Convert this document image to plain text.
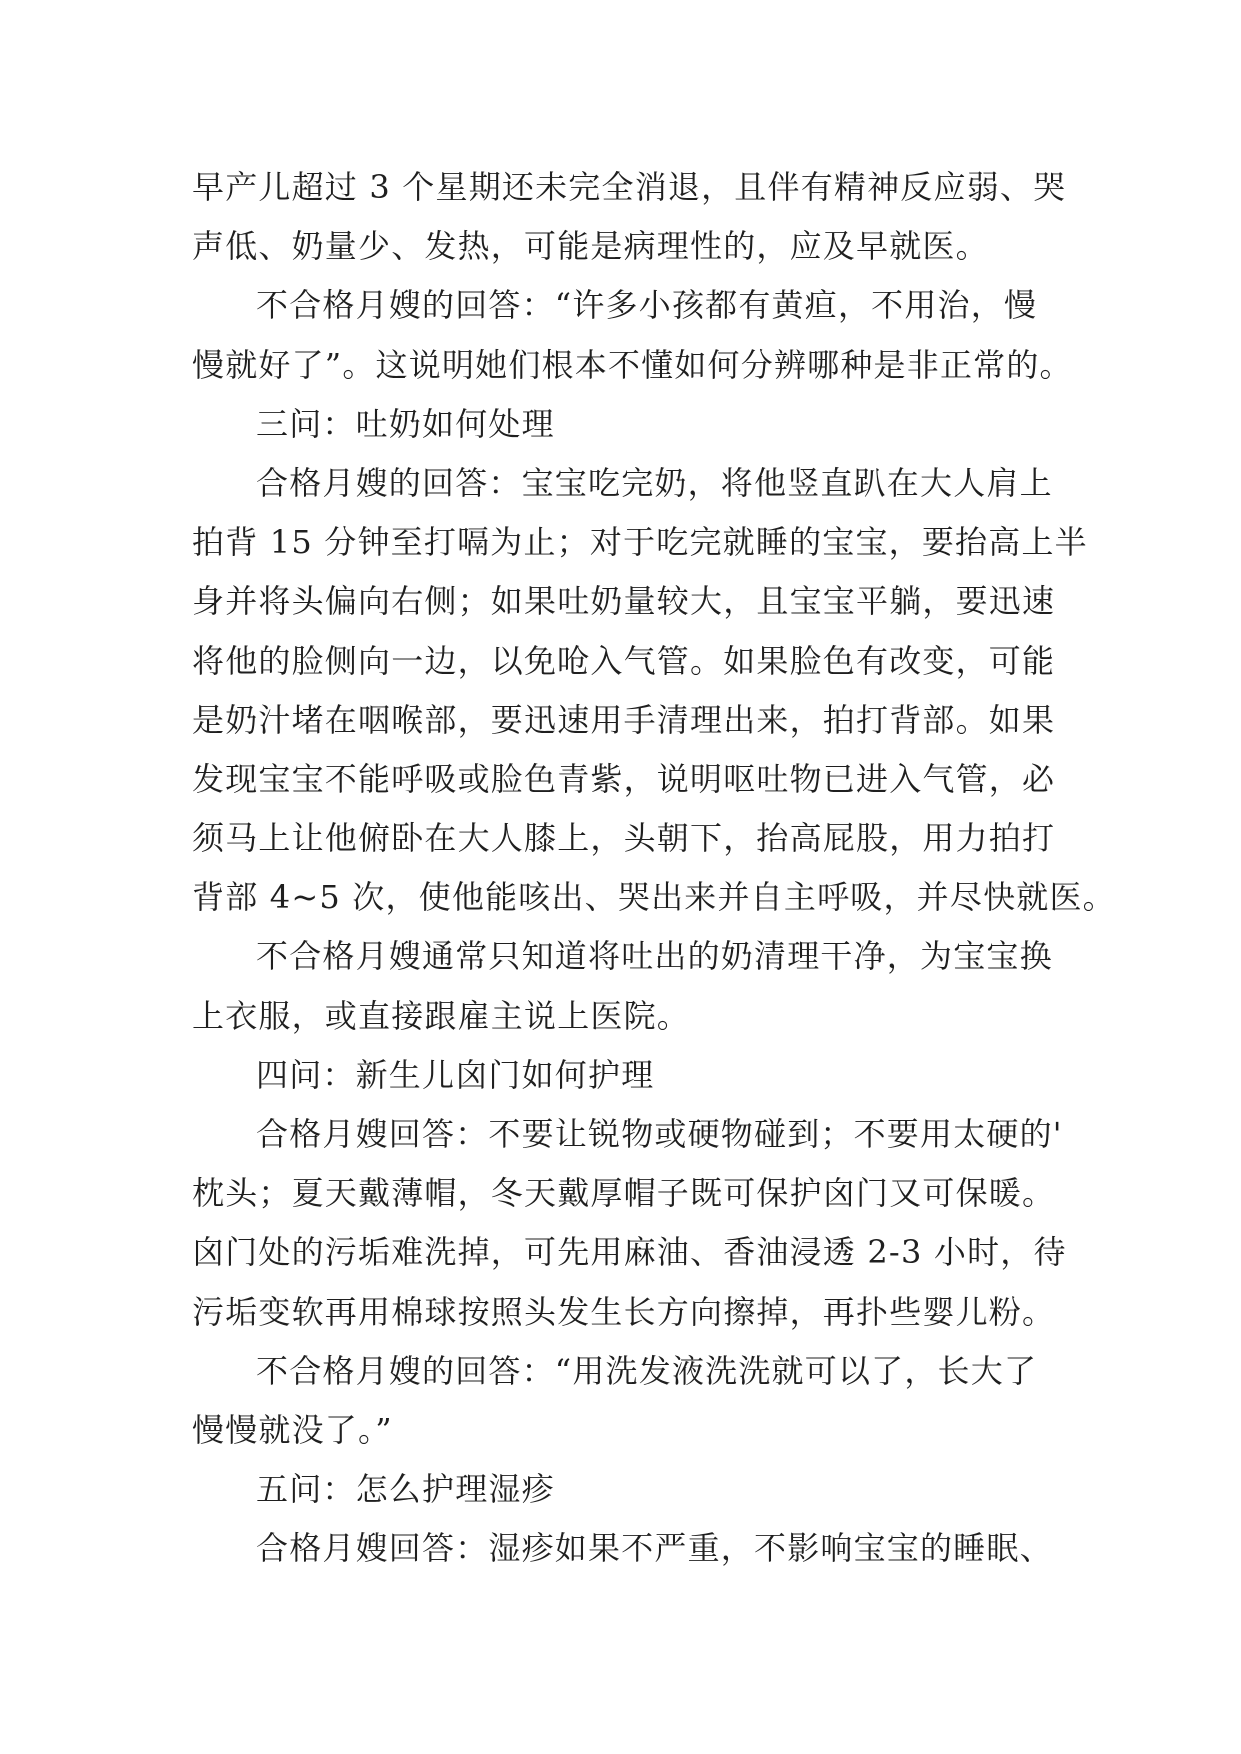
早产儿超过 3 个星期还未完全消退，且伴有精神反应弱、哭
声低、奶量少、发热，可能是病理性的，应及早就医。
不合格月嫂的回答：“许多小孩都有黄疸，不用治，慢
慢就好了”。这说明她们根本不懂如何分辨哪种是非正常的。
三问：吐奶如何处理
合格月嫂的回答：宝宝吃完奶，将他竖直趴在大人肩上
拍背 15 分钟至打嗝为止；对于吃完就睡的宝宝，要抬高上半
身并将头偏向右侧；如果吐奶量较大，且宝宝平躺，要迅速
将他的脸侧向一边，以免呛入气管。如果脸色有改变，可能
是奶汁堵在咽喉部，要迅速用手清理出来，拍打背部。如果
发现宝宝不能呼吸或脸色青紫，说明呕吐物已进入气管，必
须马上让他俯卧在大人膝上，头朝下，抬高屁股，用力拍打
背部 4~5 次，使他能咳出、哭出来并自主呼吸，并尽快就医。
不合格月嫂通常只知道将吐出的奶清理干净，为宝宝换
上衣服，或直接跟雇主说上医院。
四问：新生儿囟门如何护理
合格月嫂回答：不要让锐物或硬物碰到；不要用太硬的'
枕头；夏天戴薄帽，冬天戴厚帽子既可保护囟门又可保暖。
囟门处的污垢难洗掉，可先用麻油、香油浸透 2-3 小时，待
污垢变软再用棉球按照头发生长方向擦掉，再扑些婴儿粉。
不合格月嫂的回答：“用洗发液洗洗就可以了，长大了
慢慢就没了。”
五问：怎么护理湿疹
合格月嫂回答：湿疹如果不严重，不影响宝宝的睡眠、
